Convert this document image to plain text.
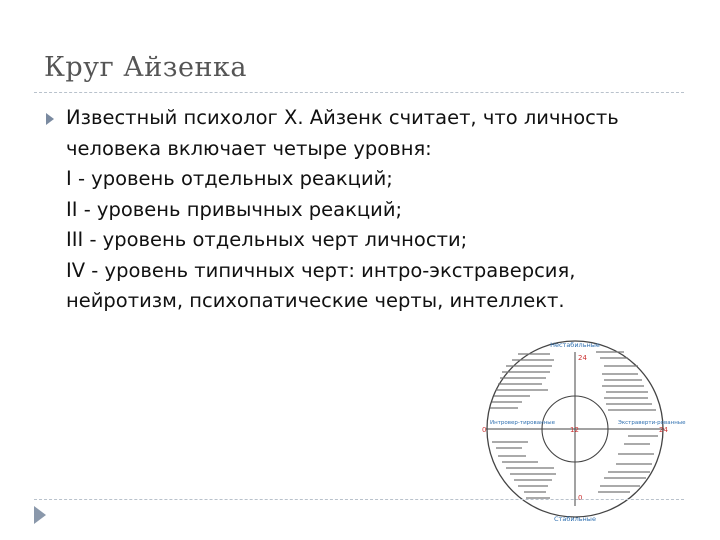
Круг Айзенка
Известный психолог Х. Айзенк считает, что личность
человека включает четыре уровня:
I - уровень отдельных реакций;
II - уровень привычных реакций;
III - уровень отдельных черт личности;
IV - уровень типичных черт: интро-экстраверсия,
нейротизм, психопатические черты, интеллект.
Нестабильные
Стабильные
Интровер-тированные	Экстраверти-рованные
24
12
0
0	24
